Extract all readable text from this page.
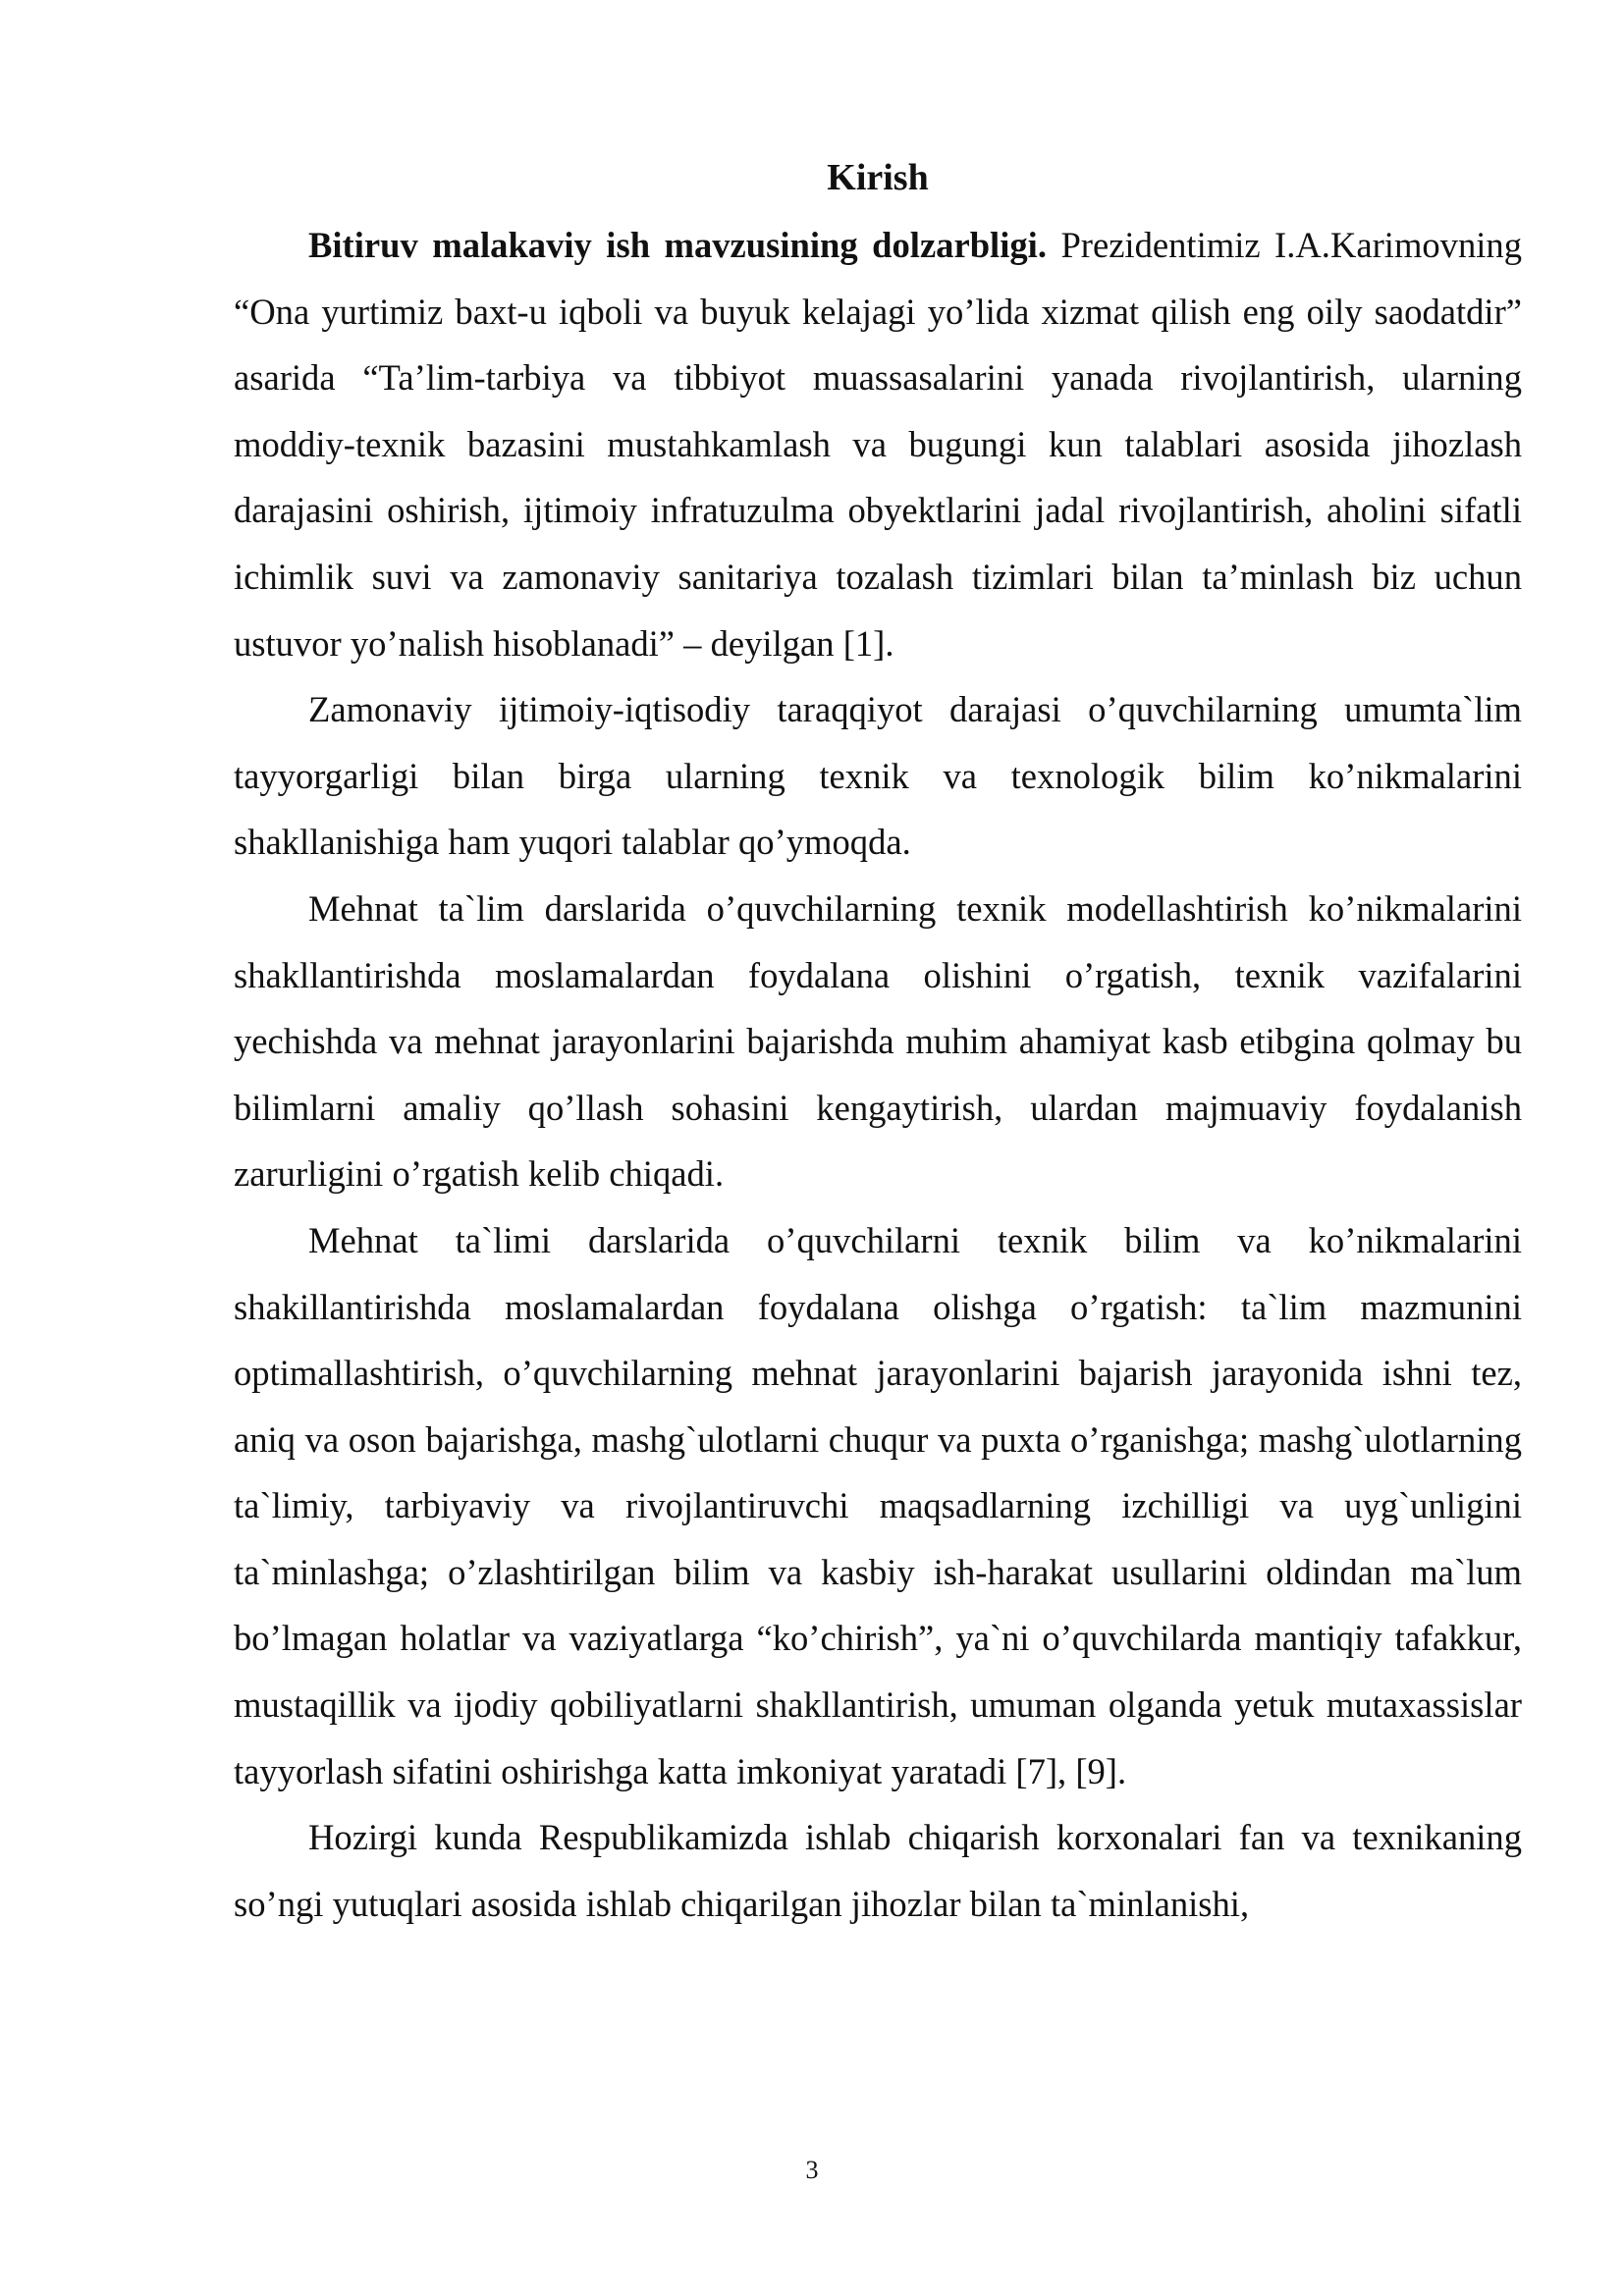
Kirish

Bitiruv malakaviy ish mavzusining dolzarbligi. Prezidentimiz I.A.Karimovning “Ona yurtimiz baxt-u iqboli va buyuk kelajagi yo’lida xizmat qilish eng oily saodatdir” asarida “Ta’lim-tarbiya va tibbiyot muassasalarini yanada rivojlantirish, ularning moddiy-texnik bazasini mustahkamlash va bugungi kun talablari asosida jihozlash darajasini oshirish, ijtimoiy infratuzulma obyektlarini jadal rivojlantirish, aholini sifatli ichimlik suvi va zamonaviy sanitariya tozalash tizimlari bilan ta’minlash biz uchun ustuvor yo’nalish hisoblanadi” – deyilgan [1].

Zamonaviy ijtimoiy-iqtisodiy taraqqiyot darajasi o’quvchilarning umumta`lim tayyorgarligi bilan birga ularning texnik va texnologik bilim ko’nikmalarini shakllanishiga ham yuqori talablar qo’ymoqda.

Mehnat ta`lim darslarida o’quvchilarning texnik modellashtirish ko’nikmalarini shakllantirishda moslamalardan foydalana olishini o’rgatish, texnik vazifalarini yechishda va mehnat jarayonlarini bajarishda muhim ahamiyat kasb etibgina qolmay bu bilimlarni amaliy qo’llash sohasini kengaytirish, ulardan majmuaviy foydalanish zarurligini o’rgatish kelib chiqadi.

Mehnat ta`limi darslarida o’quvchilarni texnik bilim va ko’nikmalarini shakillantirishda moslamalardan foydalana olishga o’rgatish: ta`lim mazmunini optimallashtirish, o’quvchilarning mehnat jarayonlarini bajarish jarayonida ishni tez, aniq va oson bajarishga, mashg`ulotlarni chuqur va puxta o’rganishga; mashg`ulotlarning ta`limiy, tarbiyaviy va rivojlantiruvchi maqsadlarning izchilligi va uyg`unligini ta`minlashga; o’zlashtirilgan bilim va kasbiy ish-harakat usullarini oldindan ma`lum bo’lmagan holatlar va vaziyatlarga “ko’chirish”, ya`ni o’quvchilarda mantiqiy tafakkur, mustaqillik va ijodiy qobiliyatlarni shakllantirish, umuman olganda yetuk mutaxassislar tayyorlash sifatini oshirishga katta imkoniyat yaratadi [7], [9].

Hozirgi kunda Respublikamizda ishlab chiqarish korxonalari fan va texnikaning so’ngi yutuqlari asosida ishlab chiqarilgan jihozlar bilan ta`minlanishi,

3
